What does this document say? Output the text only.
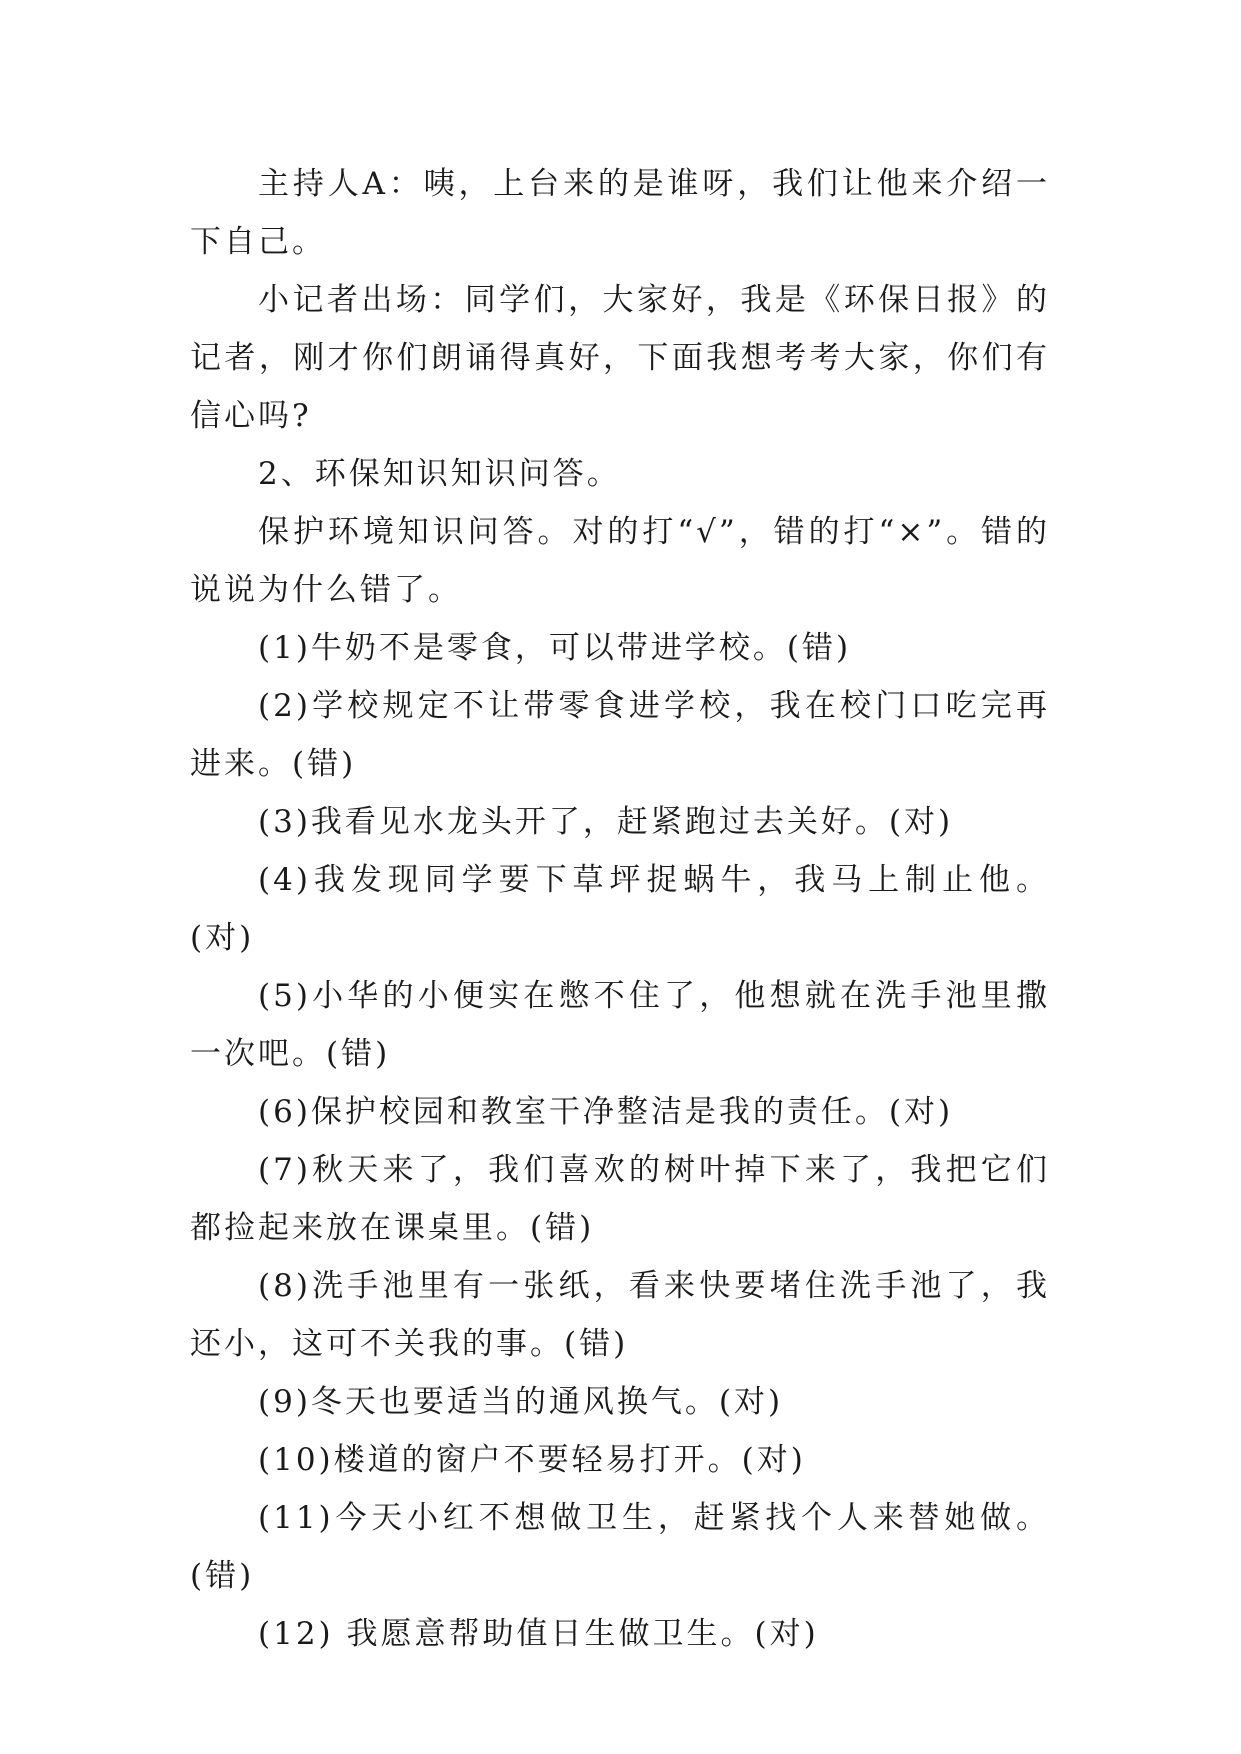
主持人A：咦，上台来的是谁呀，我们让他来介绍一下自己。

小记者出场：同学们，大家好，我是《环保日报》的记者，刚才你们朗诵得真好，下面我想考考大家，你们有信心吗?

2、环保知识知识问答。

保护环境知识问答。对的打“√”，错的打“×”。错的说说为什么错了。

(1)牛奶不是零食，可以带进学校。(错)

(2)学校规定不让带零食进学校，我在校门口吃完再进来。(错)

(3)我看见水龙头开了，赶紧跑过去关好。(对)

(4)我发现同学要下草坪捉蜗牛，我马上制止他。(对)

(5)小华的小便实在憋不住了，他想就在洗手池里撒一次吧。(错)

(6)保护校园和教室干净整洁是我的责任。(对)

(7)秋天来了，我们喜欢的树叶掉下来了，我把它们都捡起来放在课桌里。(错)

(8)洗手池里有一张纸，看来快要堵住洗手池了，我还小，这可不关我的事。(错)

(9)冬天也要适当的通风换气。(对)

(10)楼道的窗户不要轻易打开。(对)

(11)今天小红不想做卫生，赶紧找个人来替她做。(错)

(12) 我愿意帮助值日生做卫生。(对)
